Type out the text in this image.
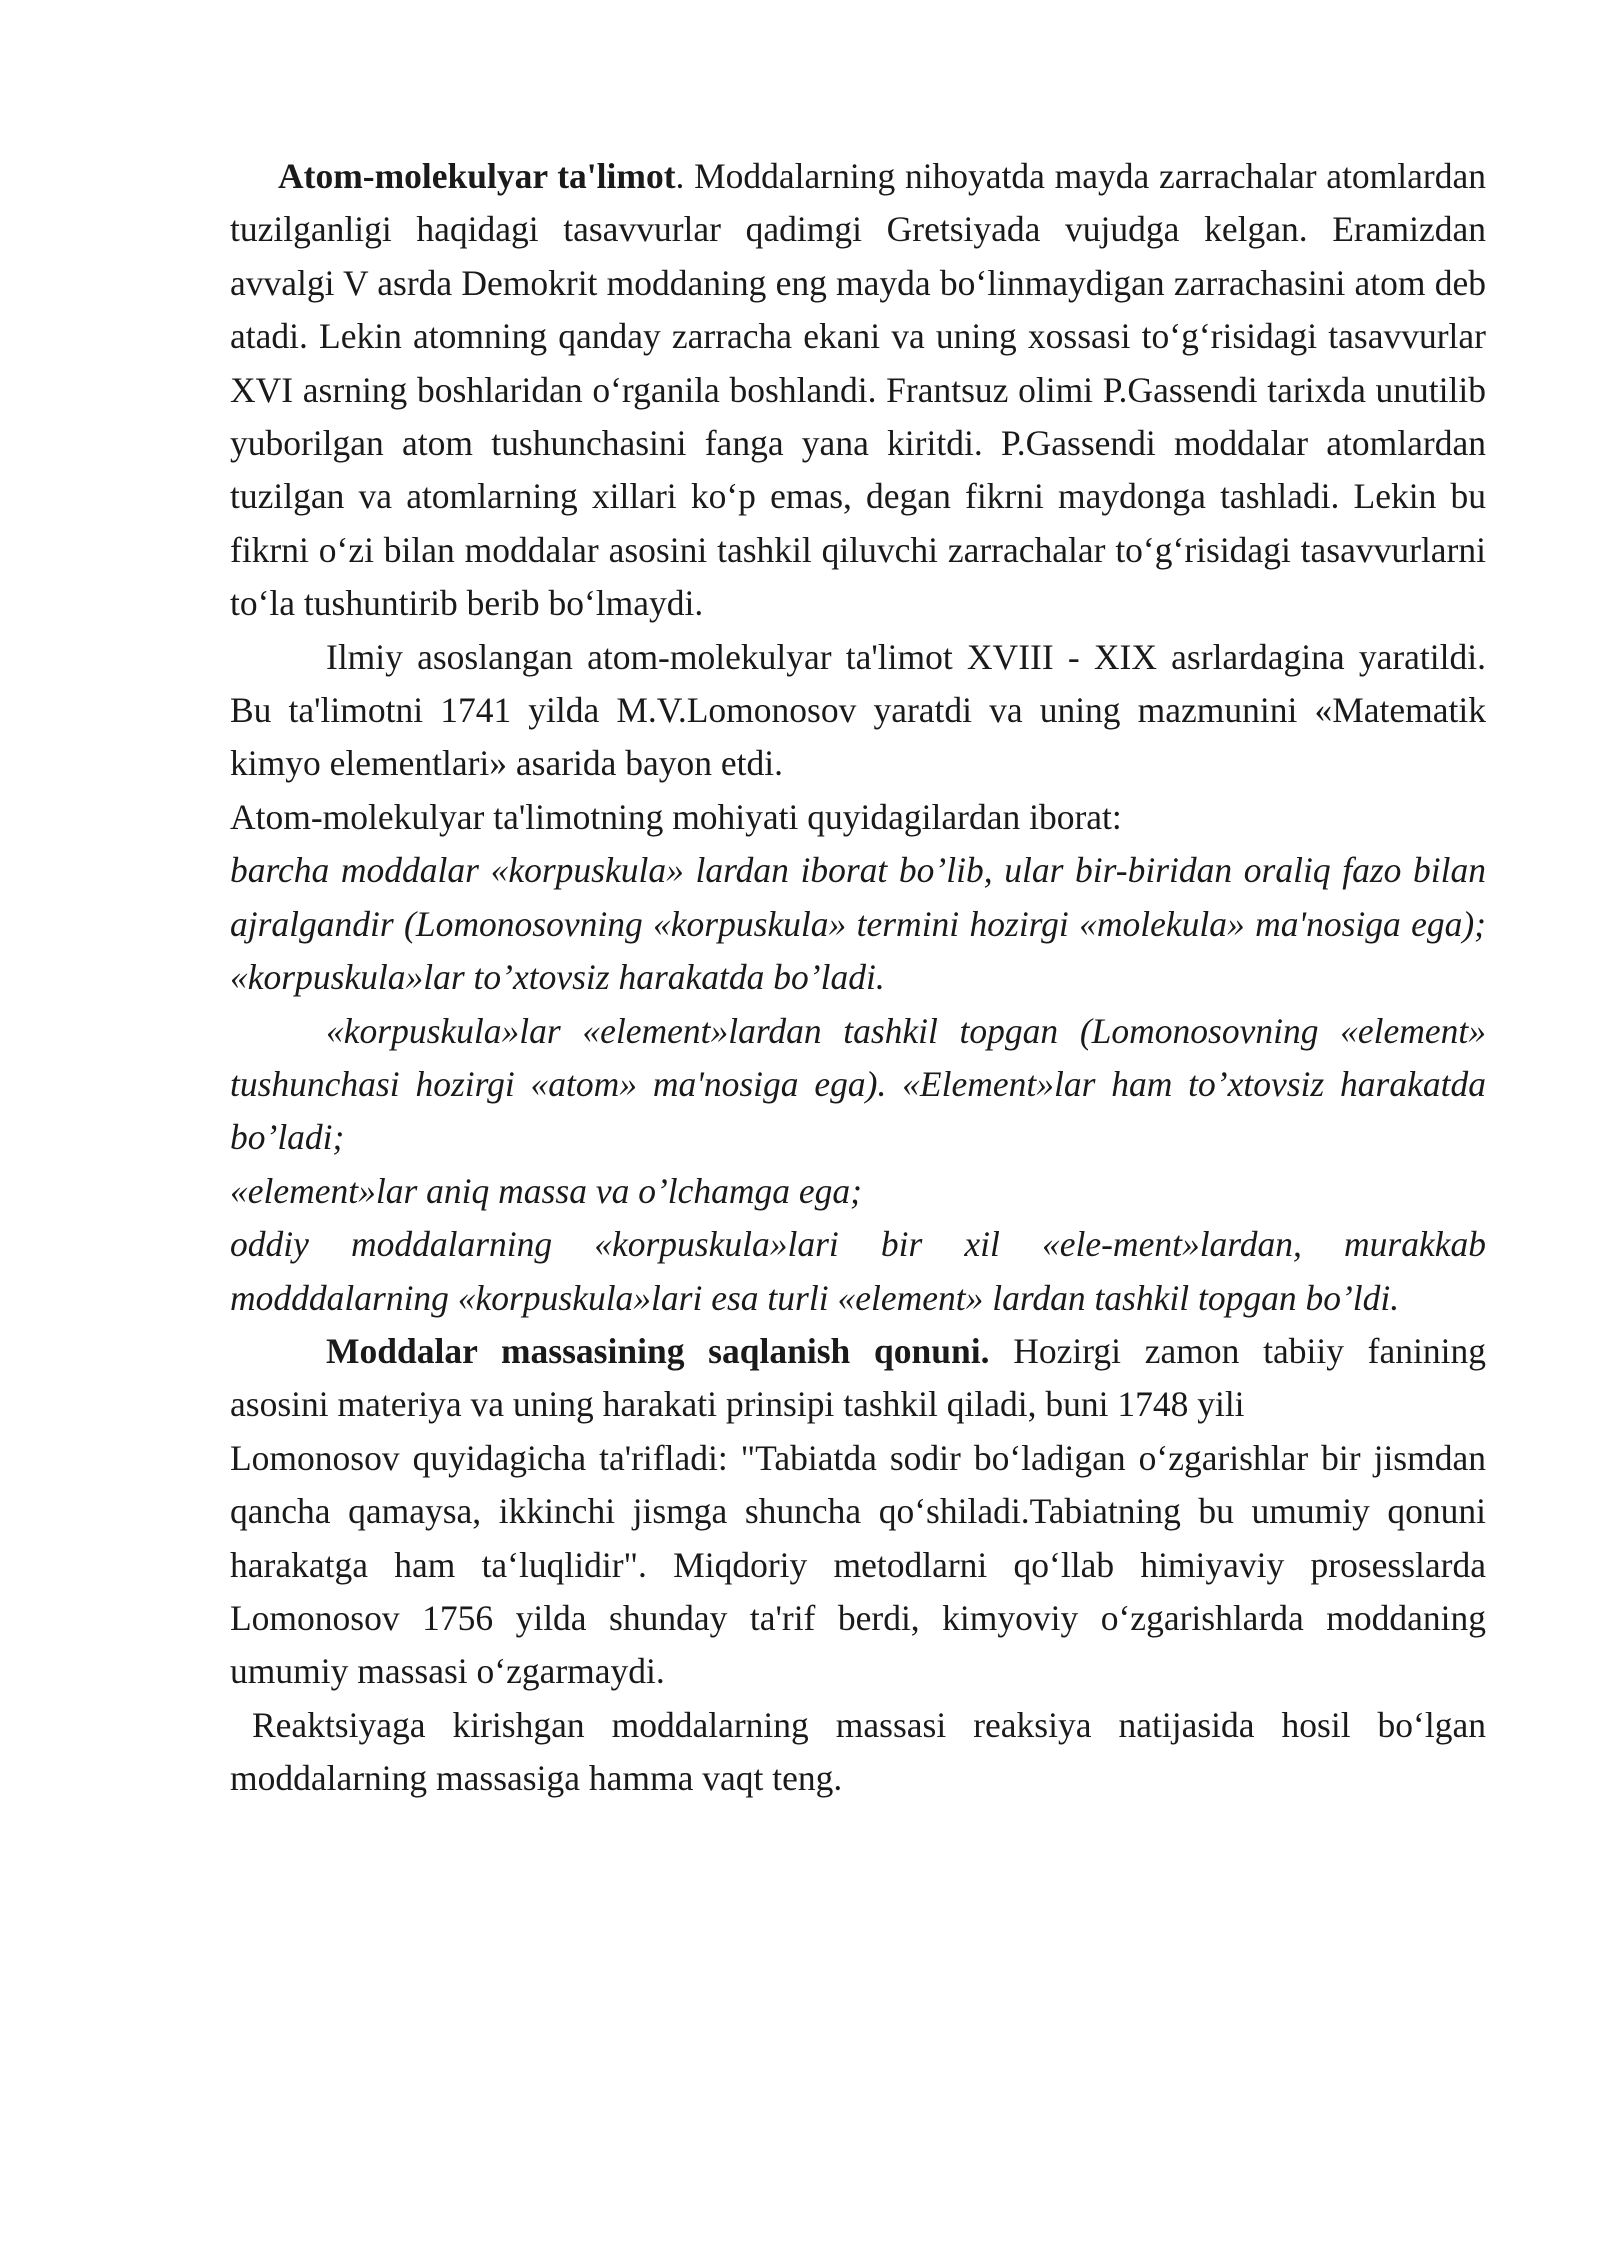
Atom-molekulyar ta'limot. Moddalarning nihoyatda mayda zarrachalar atomlardan tuzilganligi haqidagi tasavvurlar qadimgi Gretsiyada vujudga kelgan. Eramizdan avvalgi V asrda Demokrit moddaning eng mayda bo‘linmaydigan zarrachasini atom deb atadi. Lekin atomning qanday zarracha ekani va uning xossasi to‘g‘risidagi tasavvurlar XVI asrning boshlaridan o‘rganila boshlandi. Frantsuz olimi P.Gassendi tarixda unutilib yuborilgan atom tushunchasini fanga yana kiritdi. P.Gassendi moddalar atomlardan tuzilgan va atomlarning xillari ko‘p emas, degan fikrni maydonga tashladi. Lekin bu fikrni o‘zi bilan moddalar asosini tashkil qiluvchi zarrachalar to‘g‘risidagi tasavvurlarni to‘la tushuntirib berib bo‘lmaydi.

Ilmiy asoslangan atom-molekulyar ta'limot XVIII - XIX asrlardagina yaratildi. Bu ta'limotni 1741 yilda M.V.Lomonosov yaratdi va uning mazmunini «Matematik kimyo elementlari» asarida bayon etdi.

Atom-molekulyar ta'limotning mohiyati quyidagilardan iborat:

barcha moddalar «korpuskula» lardan iborat bo’lib, ular bir-biridan oraliq fazo bilan ajralgandir (Lomonosovning «korpuskula» termini hozirgi «molekula» ma'nosiga ega); «korpuskula»lar to’xtovsiz harakatda bo’ladi.

«korpuskula»lar «element»lardan tashkil topgan (Lomonosovning «element» tushunchasi hozirgi «atom» ma'nosiga ega). «Element»lar ham to’xtovsiz harakatda bo’ladi;

«element»lar aniq massa va o’lchamga ega;

oddiy moddalarning «korpuskula»lari bir xil «ele-ment»lardan, murakkab modddalarning «korpuskula»lari esa turli «element» lardan tashkil topgan bo’ldi.

Moddalar massasining saqlanish qonuni. Hozirgi zamon tabiiy fanining asosini materiya va uning harakati prinsipi tashkil qiladi, buni 1748 yili

Lomonosov quyidagicha ta'rifladi: "Tabiatda sodir bo‘ladigan o‘zgarishlar bir jismdan qancha qamaysa, ikkinchi jismga shuncha qo‘shiladi.Tabiatning bu umumiy qonuni harakatga ham ta‘luqlidir". Miqdoriy metodlarni qo‘llab himiyaviy prosesslarda Lomonosov 1756 yilda shunday ta'rif berdi, kimyoviy o‘zgarishlarda moddaning umumiy massasi o‘zgarmaydi.

Reaktsiyaga kirishgan moddalarning massasi reaksiya natijasida hosil bo‘lgan moddalarning massasiga hamma vaqt teng.
